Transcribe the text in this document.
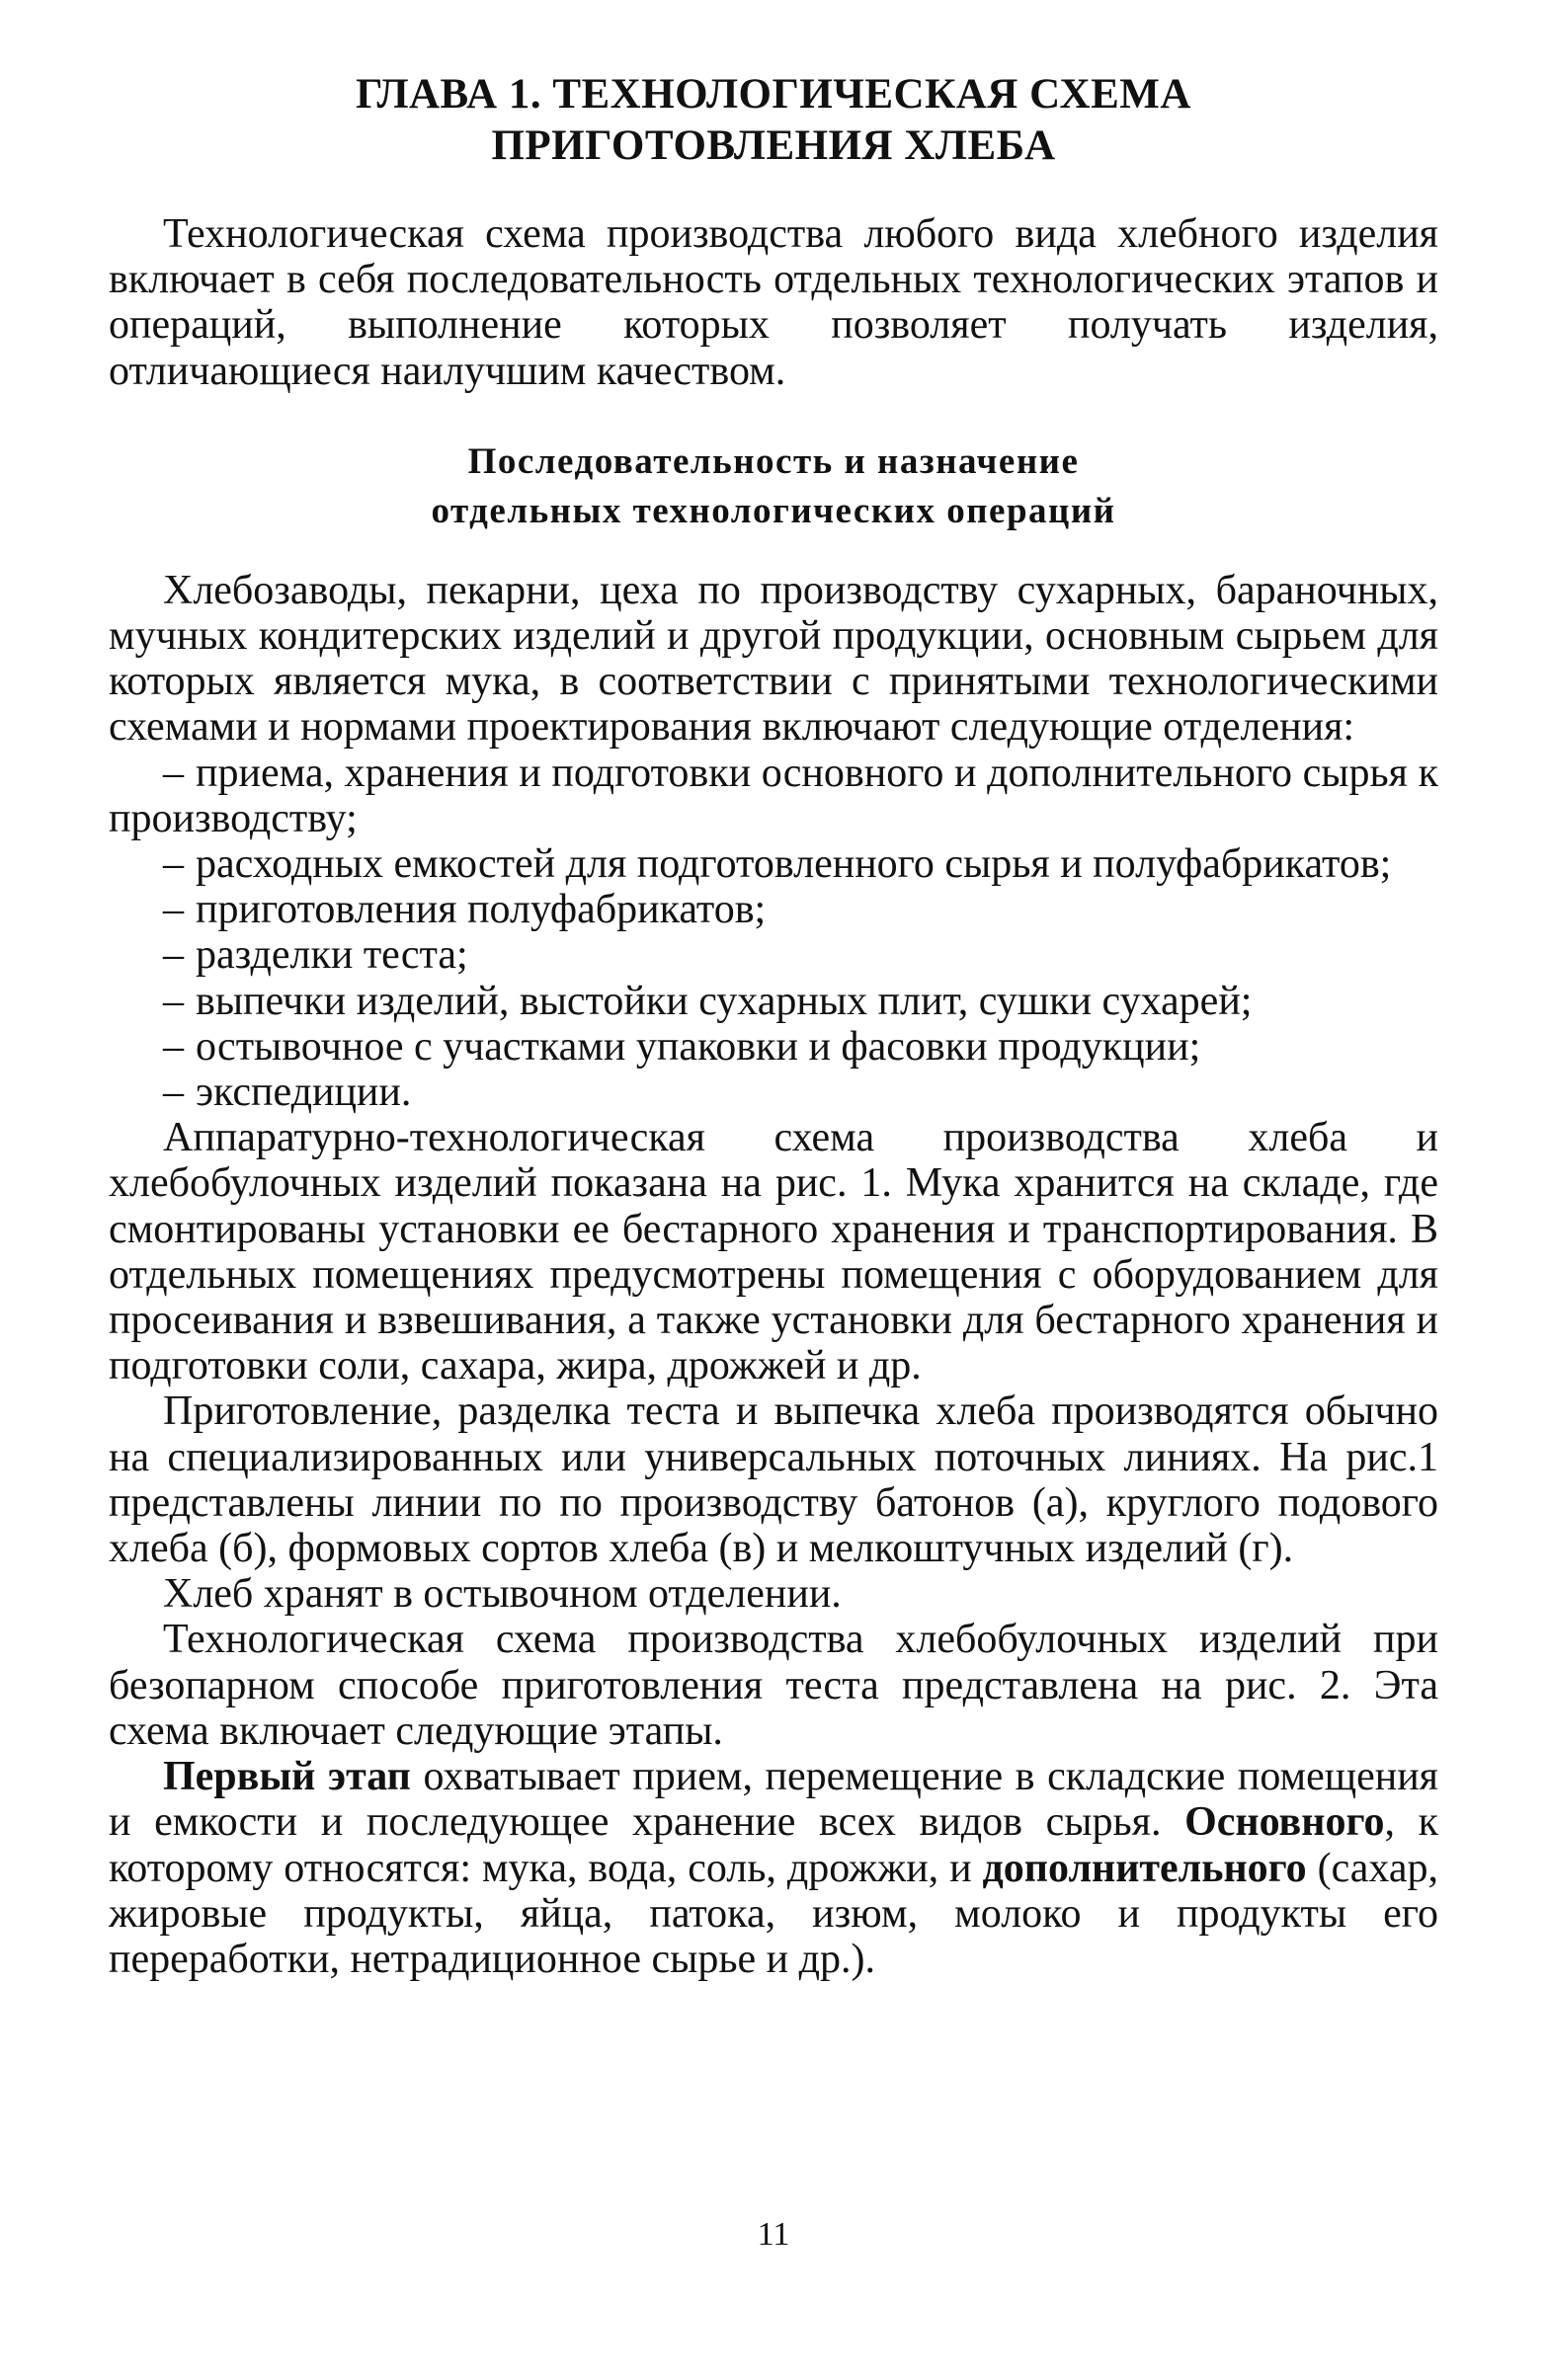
ГЛАВА 1. ТЕХНОЛОГИЧЕСКАЯ СХЕМА
ПРИГОТОВЛЕНИЯ ХЛЕБА

Технологическая схема производства любого вида хлебного изделия включает в себя последовательность отдельных технологических этапов и операций, выполнение которых позволяет получать изделия, отличающиеся наилучшим качеством.

Последовательность и назначение
отдельных технологических операций

Хлебозаводы, пекарни, цеха по производству сухарных, бараночных, мучных кондитерских изделий и другой продукции, основным сырьем для которых является мука, в соответствии с принятыми технологическими схемами и нормами проектирования включают следующие отделения:

– приема, хранения и подготовки основного и дополнительного сырья к производству;
– расходных емкостей для подготовленного сырья и полуфабрикатов;
– приготовления полуфабрикатов;
– разделки теста;
– выпечки изделий, выстойки сухарных плит, сушки сухарей;
– остывочное с участками упаковки и фасовки продукции;
– экспедиции.

Аппаратурно-технологическая схема производства хлеба и хлебобулочных изделий показана на рис. 1. Мука хранится на складе, где смонтированы установки ее бестарного хранения и транспортирования. В отдельных помещениях предусмотрены помещения с оборудованием для просеивания и взвешивания, а также установки для бестарного хранения и подготовки соли, сахара, жира, дрожжей и др.

Приготовление, разделка теста и выпечка хлеба производятся обычно на специализированных или универсальных поточных линиях. На рис.1 представлены линии по по производству батонов (а), круглого подового хлеба (б), формовых сортов хлеба (в) и мелкоштучных изделий (г).

Хлеб хранят в остывочном отделении.

Технологическая схема производства хлебобулочных изделий при безопарном способе приготовления теста представлена на рис. 2. Эта схема включает следующие этапы.

Первый этап охватывает прием, перемещение в складские помещения и емкости и последующее хранение всех видов сырья. Основного, к которому относятся: мука, вода, соль, дрожжи, и дополнительного (сахар, жировые продукты, яйца, патока, изюм, молоко и продукты его переработки, нетрадиционное сырье и др.).

11
